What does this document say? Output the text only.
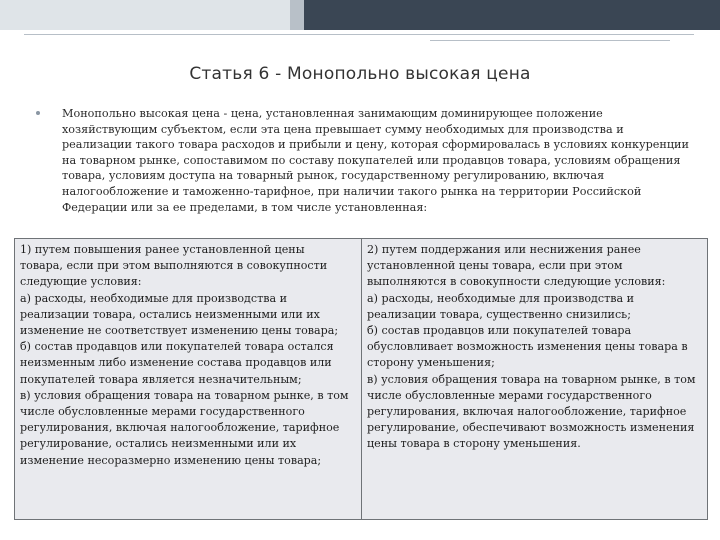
Статья 6 - Монопольно высокая цена
Монопольно высокая цена - цена, установленная занимающим доминирующее положение хозяйствующим субъектом, если эта цена превышает сумму необходимых для производства и реализации такого товара расходов и прибыли и цену, которая сформировалась в условиях конкуренции на товарном рынке, сопоставимом по составу покупателей или продавцов товара, условиям обращения товара, условиям доступа на товарный рынок, государственному регулированию, включая налогообложение и таможенно-тарифное, при наличии такого рынка на территории Российской Федерации или за ее пределами, в том числе установленная:
1) путем повышения ранее установленной цены
товара, если при этом выполняются в совокупности
следующие условия:
а) расходы, необходимые для производства и
реализации товара, остались неизменными или их
изменение не соответствует изменению цены товара;
б) состав продавцов или покупателей товара остался
неизменным либо изменение состава продавцов или
покупателей товара является незначительным;
в) условия обращения товара на товарном рынке, в том
числе обусловленные мерами государственного
регулирования, включая налогообложение, тарифное
регулирование, остались неизменными или их
изменение несоразмерно изменению цены товара;
2) путем поддержания или неснижения ранее
установленной цены товара, если при этом
выполняются в совокупности следующие условия:
а) расходы, необходимые для производства и
реализации товара, существенно снизились;
б) состав продавцов или покупателей товара
обусловливает возможность изменения цены товара в
сторону уменьшения;
в) условия обращения товара на товарном рынке, в том
числе обусловленные мерами государственного
регулирования, включая налогообложение, тарифное
регулирование, обеспечивают возможность изменения
цены товара в сторону уменьшения.
